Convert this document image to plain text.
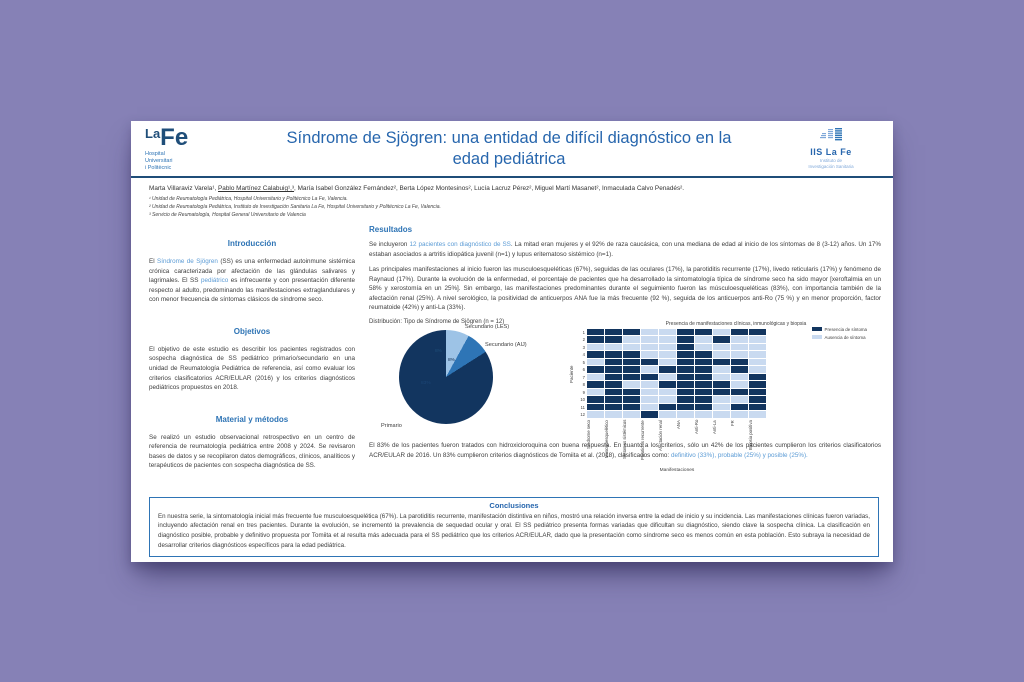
$^{La}$Fe
Hospital
Universitari
i Politècnic
Síndrome de Sjögren: una entidad de difícil diagnóstico en la edad pediátrica	IIS La Fe
Instituto de
Investigación Sanitaria
Marta Villaraviz Varela¹, Pablo Martínez Calabuig¹,³, María Isabel González Fernández², Berta López Montesinos², Lucía Lacruz Pérez², Miguel Martí Masanet², Inmaculada Calvo Penadés².
¹ Unidad de Reumatología Pediátrica, Hospital Universitario y Politécnico La Fe, Valencia.
² Unidad de Reumatología Pediátrica, Instituto de Investigación Sanitaria La Fe, Hospital Universitario y Politécnico La Fe, Valencia.
³ Servicio de Reumatología, Hospital General Universitario de Valencia
Introducción

El Síndrome de Sjögren (SS) es una enfermedad autoinmune sistémica crónica caracterizada por afectación de las glándulas salivares y lagrimales. El SS pediátrico es infrecuente y con presentación diferente respecto al adulto, predominando las manifestaciones extraglandulares y con menor frecuencia de síntomas clásicos de síndrome seco.

Objetivos

El objetivo de este estudio es describir los pacientes registrados con sospecha diagnóstica de SS pediátrico primario/secundario en una unidad de Reumatología Pediátrica de referencia, así como evaluar los criterios clasificatorios ACR/EULAR (2016) y los criterios diagnósticos pediátricos propuestos en 2018.

Material y métodos

Se realizó un estudio observacional retrospectivo en un centro de referencia de reumatología pediátrica entre 2008 y 2024. Se revisaron bases de datos y se recopilaron datos demográficos, clínicos, analíticos y terapéuticos de pacientes con sospecha diagnóstica de SS.

Resultados

Se incluyeron 12 pacientes con diagnóstico de SS. La mitad eran mujeres y el 92% de raza caucásica, con una mediana de edad al inicio de los síntomas de 8 (3-12) años. Un 17% estaban asociados a artritis idiopática juvenil (n=1) y lupus eritematoso sistémico (n=1).

Las principales manifestaciones al inicio fueron las musculoesqueléticas (67%), seguidas de las oculares (17%), la parotiditis recurrente (17%), livedo reticularis (17%) y fenómeno de Raynaud (17%). Durante la evolución de la enfermedad, el porcentaje de pacientes que ha desarrollado la sintomatología típica de síndrome seco ha sido mayor [xeroftalmia en un 58% y xerostomía en un 25%]. Sin embargo, las manifestaciones predominantes durante el seguimiento fueron las músculoesqueléticas (83%), con importancia también de la afectación renal (25%). A nivel serológico, la positividad de anticuerpos ANA fue la más frecuente (92 %), seguida de los anticuerpos anti-Ro (75 %) y en menor proporción, factor reumatoide (42%) y anti-La (33%).

Distribución: Tipo de Síndrome de Sjögren (n = 12)
Secundario (LES)
Secundario (AIJ)
Primario
8%
8%
83%
Presencia de manifestaciones clínicas, inmunológicas y biopsia
Paciente
1
2
3
4
5
6
7
8
9
10
11
12
Síndrome seco	Musculoesquelético	Síntomas sistémicos	Parotiditis recurrente	Afectación renal	ANA	Anti-Ro	Anti-La	FR	Biopsia positiva
Manifestaciones
Presencia de síntoma
Ausencia de síntoma

El 83% de los pacientes fueron tratados con hidroxicloroquina con buena respuesta. En cuanto a los criterios, sólo un 42% de los pacientes cumplieron los criterios clasificatorios ACR/EULAR de 2016. Un 83% cumplieron criterios diagnósticos de Tomiita et al. (2018), clasificados como: definitivo (33%), probable (25%) y posible (25%).

Conclusiones

En nuestra serie, la sintomatología inicial más frecuente fue musculoesquelética (67%). La parotiditis recurrente, manifestación distintiva en niños, mostró una relación inversa entre la edad de inicio y su incidencia. Las manifestaciones clínicas fueron variadas, incluyendo afectación renal en tres pacientes. Durante la evolución, se incrementó la prevalencia de sequedad ocular y oral. El SS pediátrico presenta formas variadas que dificultan su diagnóstico, siendo clave la sospecha clínica. La clasificación en diagnóstico posible, probable y definitivo propuesta por Tomiita et al resulta más adecuada para el SS pediátrico que los criterios ACR/EULAR, dado que la presentación como síndrome seco es menos común en esta población. Esto subraya la necesidad de desarrollar criterios diagnósticos específicos para la edad pediátrica.
